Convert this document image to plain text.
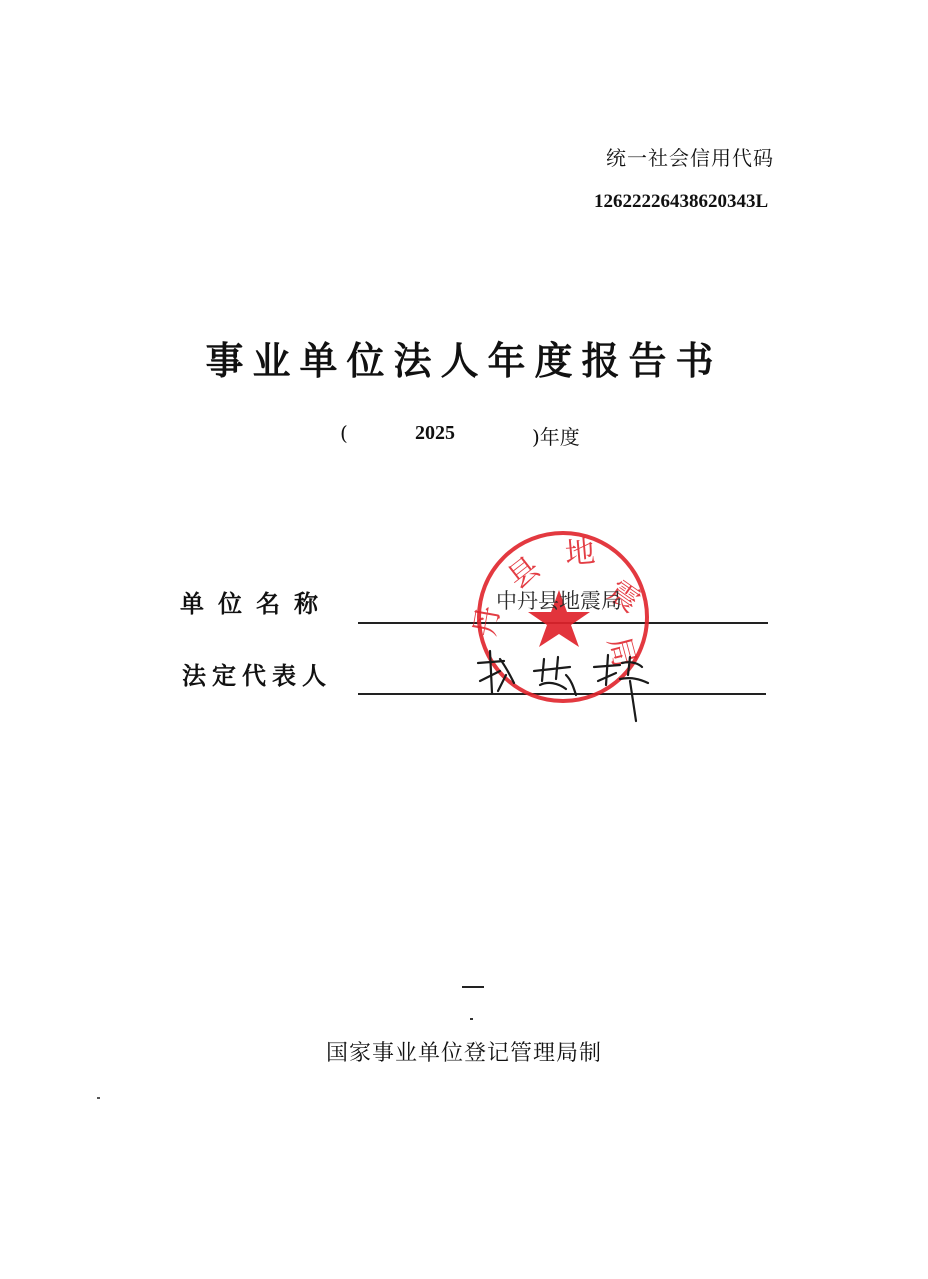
统一社会信用代码
12622226438620343L
事业单位法人年度报告书
(	2025	)年度
单位名称
法定代表人
县 地
震
局
丹
中丹县地震局
国家事业单位登记管理局制
